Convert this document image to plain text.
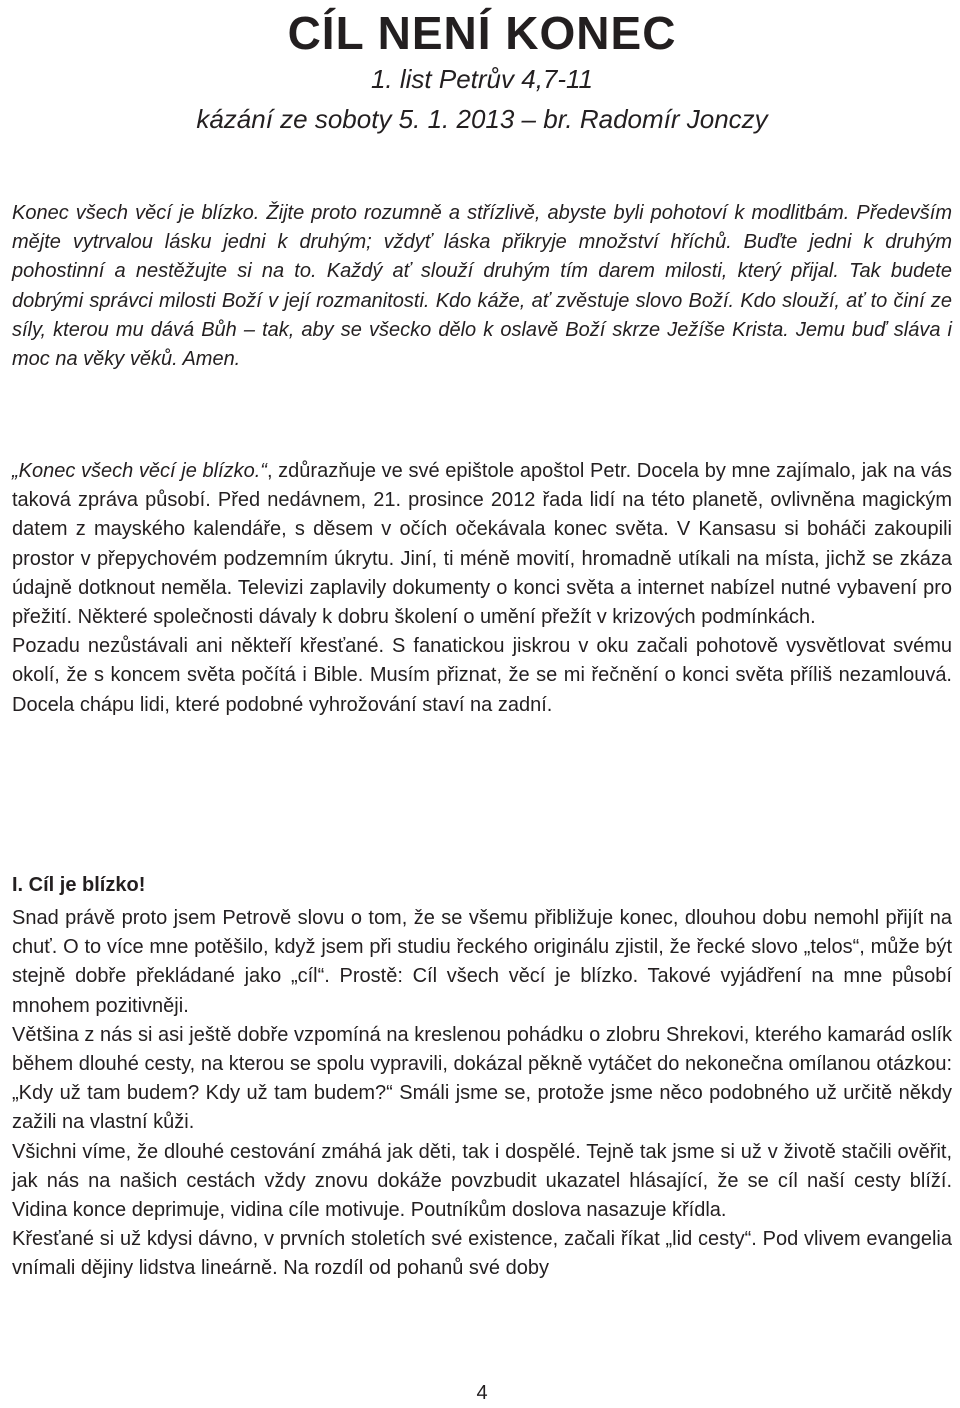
CÍL NENÍ KONEC
1. list Petrův 4,7-11
kázání ze soboty 5. 1. 2013 – br. Radomír Jonczy

Konec všech věcí je blízko. Žijte proto rozumně a střízlivě, abyste byli pohotoví k modlitbám. Především mějte vytrvalou lásku jedni k druhým; vždyť láska přikryje množství hříchů. Buďte jedni k druhým pohostinní a nestěžujte si na to. Každý ať slouží druhým tím darem milosti, který přijal. Tak budete dobrými správci milosti Boží v její rozmanitosti. Kdo káže, ať zvěstuje slovo Boží. Kdo slouží, ať to činí ze síly, kterou mu dává Bůh – tak, aby se všecko dělo k oslavě Boží skrze Ježíše Krista. Jemu buď sláva i moc na věky věků. Amen.

„Konec všech věcí je blízko.“, zdůrazňuje ve své epištole apoštol Petr. Docela by mne zajímalo, jak na vás taková zpráva působí. Před nedávnem, 21. prosince 2012 řada lidí na této planetě, ovlivněna magickým datem z mayského kalendáře, s děsem v očích očekávala konec světa. V Kansasu si boháči zakoupili prostor v přepychovém podzemním úkrytu. Jiní, ti méně movití, hromadně utíkali na místa, jichž se zkáza údajně dotknout neměla. Televizi zaplavily dokumenty o konci světa a internet nabízel nutné vybavení pro přežití. Některé společnosti dávaly k dobru školení o umění přežít v krizových podmínkách.

Pozadu nezůstávali ani někteří křesťané. S fanatickou jiskrou v oku začali pohotově vysvětlovat svému okolí, že s koncem světa počítá i Bible. Musím přiznat, že se mi řečnění o konci světa příliš nezamlouvá. Docela chápu lidi, které podobné vyhrožování staví na zadní.

I. Cíl je blízko!

Snad právě proto jsem Petrově slovu o tom, že se všemu přibližuje konec, dlouhou dobu nemohl přijít na chuť. O to více mne potěšilo, když jsem při studiu řeckého originálu zjistil, že řecké slovo „telos“, může být stejně dobře překládané jako „cíl“. Prostě: Cíl všech věcí je blízko. Takové vyjádření na mne působí mnohem pozitivněji.

Většina z nás si asi ještě dobře vzpomíná na kreslenou pohádku o zlobru Shrekovi, kterého kamarád oslík během dlouhé cesty, na kterou se spolu vypravili, dokázal pěkně vytáčet do nekonečna omílanou otázkou: „Kdy už tam budem? Kdy už tam budem?“ Smáli jsme se, protože jsme něco podobného už určitě někdy zažili na vlastní kůži.

Všichni víme, že dlouhé cestování zmáhá jak děti, tak i dospělé. Tejně tak jsme si už v životě stačili ověřit, jak nás na našich cestách vždy znovu dokáže povzbudit ukazatel hlásající, že se cíl naší cesty blíží. Vidina konce deprimuje, vidina cíle motivuje. Poutníkům doslova nasazuje křídla.

Křesťané si už kdysi dávno, v prvních stoletích své existence, začali říkat „lid cesty“. Pod vlivem evangelia vnímali dějiny lidstva lineárně. Na rozdíl od pohanů své doby

4
